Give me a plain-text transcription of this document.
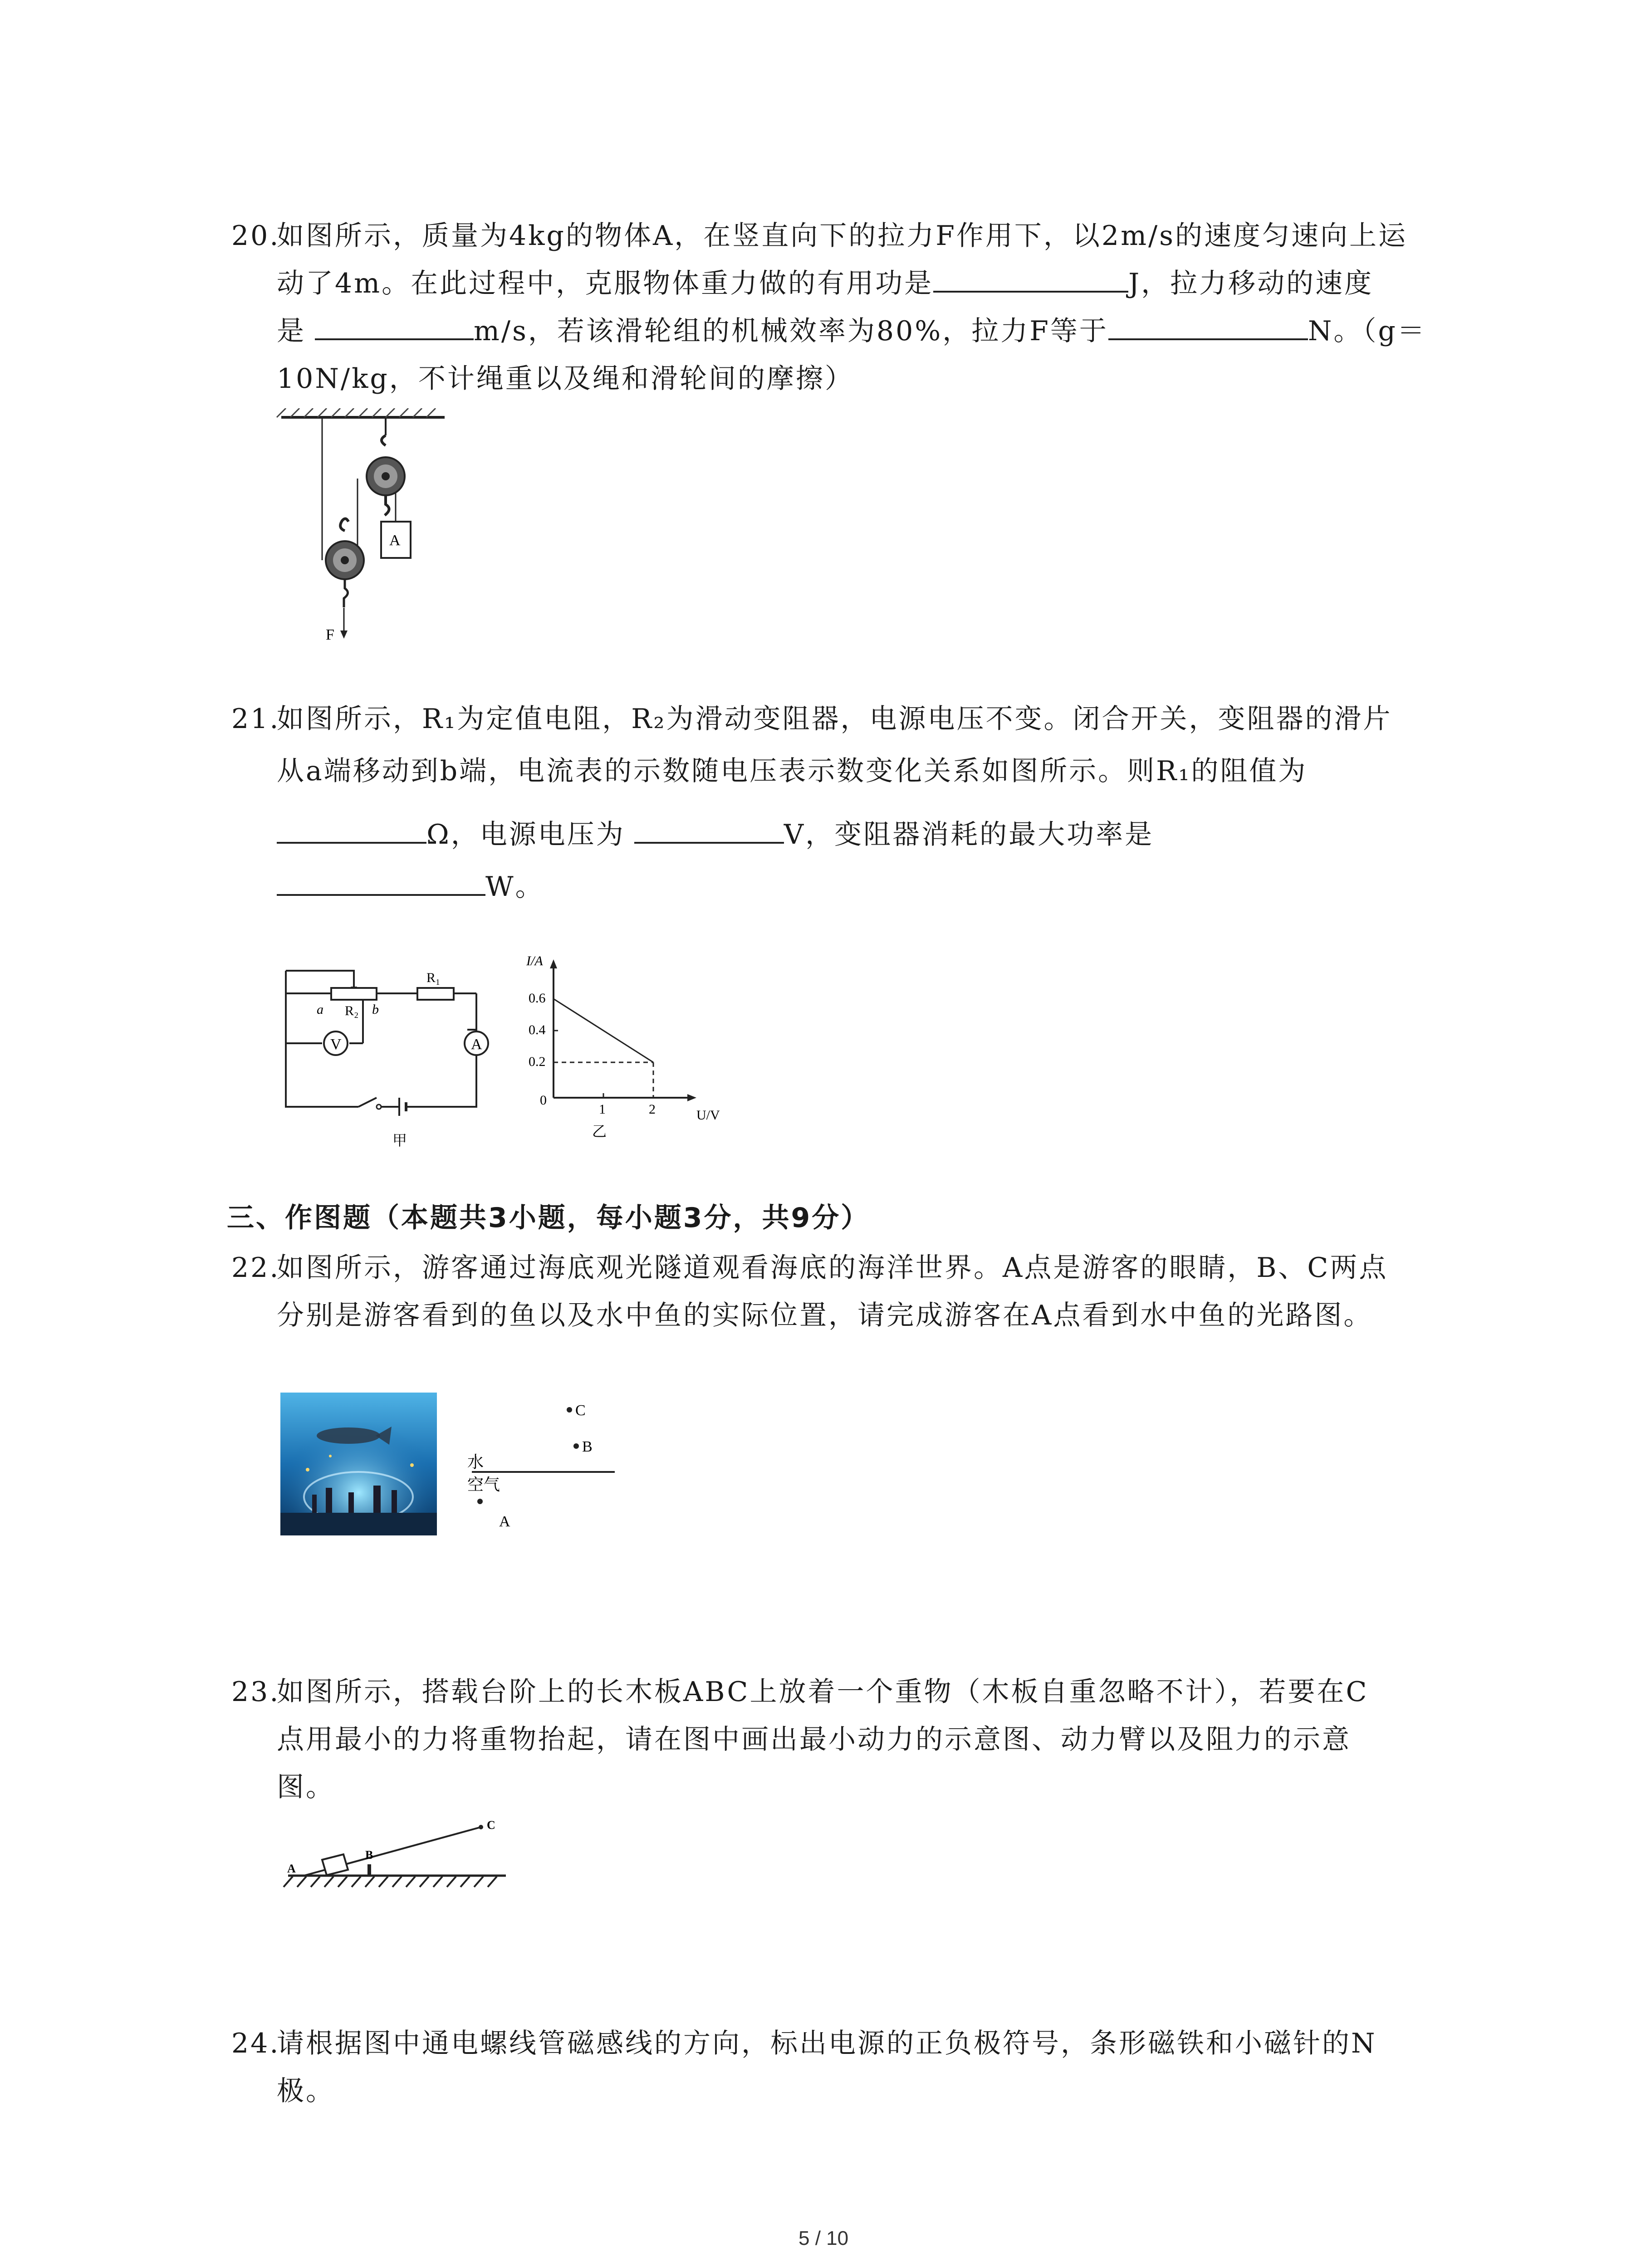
20.如图所示，质量为4kg的物体A，在竖直向下的拉力F作用下，以2m/s的速度匀速向上运
动了4m。在此过程中，克服物体重力做的有用功是	J，拉力移动的速度
是	m/s，若该滑轮组的机械效率为80%，拉力F等于	N。（g＝
10N/kg，不计绳重以及绳和滑轮间的摩擦）
F
A
21.如图所示，R₁为定值电阻，R₂为滑动变阻器，电源电压不变。闭合开关，变阻器的滑片
从a端移动到b端，电流表的示数随电压表示数变化关系如图所示。则R₁的阻值为
Ω，电源电压为	V，变阻器消耗的最大功率是
W。
A
V
a R₂ b
R₁
甲
I/A
U/V
0.6
0.4
0.2
0
1	2
乙
三、作图题（本题共3小题，每小题3分，共9分）
22.如图所示，游客通过海底观光隧道观看海底的海洋世界。A点是游客的眼睛，B、C两点
分别是游客看到的鱼以及水中鱼的实际位置，请完成游客在A点看到水中鱼的光路图。
C
B
水
空气
A
23.如图所示，搭载台阶上的长木板ABC上放着一个重物（木板自重忽略不计），若要在C
点用最小的力将重物抬起，请在图中画出最小动力的示意图、动力臂以及阻力的示意
图。
A
B
C
24.请根据图中通电螺线管磁感线的方向，标出电源的正负极符号，条形磁铁和小磁针的N
极。
5 / 10
